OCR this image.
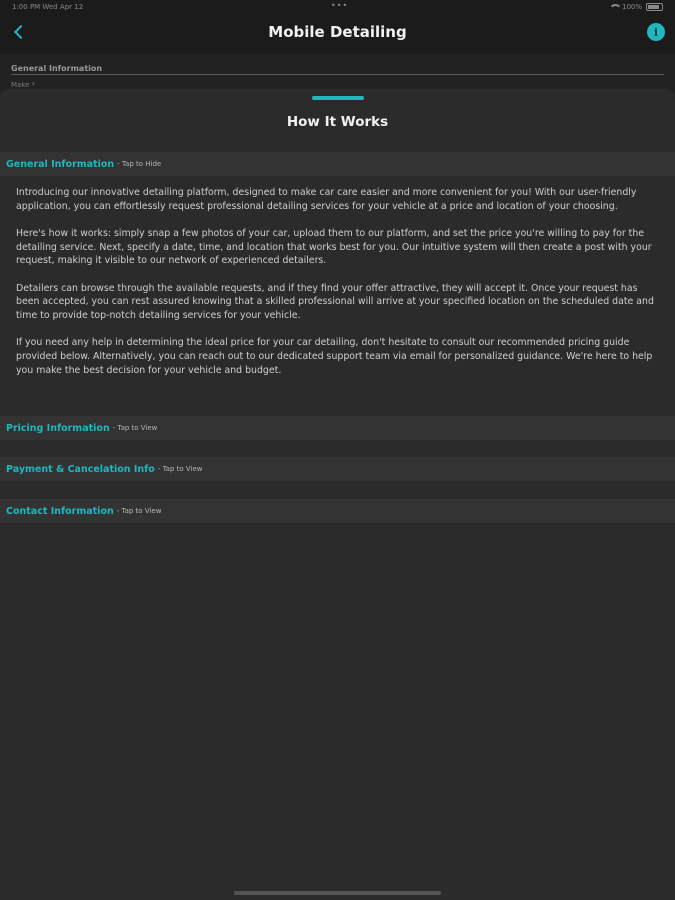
1:00 PM Wed Apr 12	•••	100%
Mobile Detailing	i
General Information
Make *
How It Works
General Information - Tap to Hide

Introducing our innovative detailing platform, designed to make car care easier and more convenient for you! With our user-friendly application, you can effortlessly request professional detailing services for your vehicle at a price and location of your choosing.

Here's how it works: simply snap a few photos of your car, upload them to our platform, and set the price you're willing to pay for the detailing service. Next, specify a date, time, and location that works best for you. Our intuitive system will then create a post with your request, making it visible to our network of experienced detailers.

Detailers can browse through the available requests, and if they find your offer attractive, they will accept it. Once your request has been accepted, you can rest assured knowing that a skilled professional will arrive at your specified location on the scheduled date and time to provide top-notch detailing services for your vehicle.

If you need any help in determining the ideal price for your car detailing, don't hesitate to consult our recommended pricing guide provided below. Alternatively, you can reach out to our dedicated support team via email for personalized guidance. We're here to help you make the best decision for your vehicle and budget.

Pricing Information - Tap to View
Payment & Cancelation Info - Tap to View
Contact Information - Tap to View
